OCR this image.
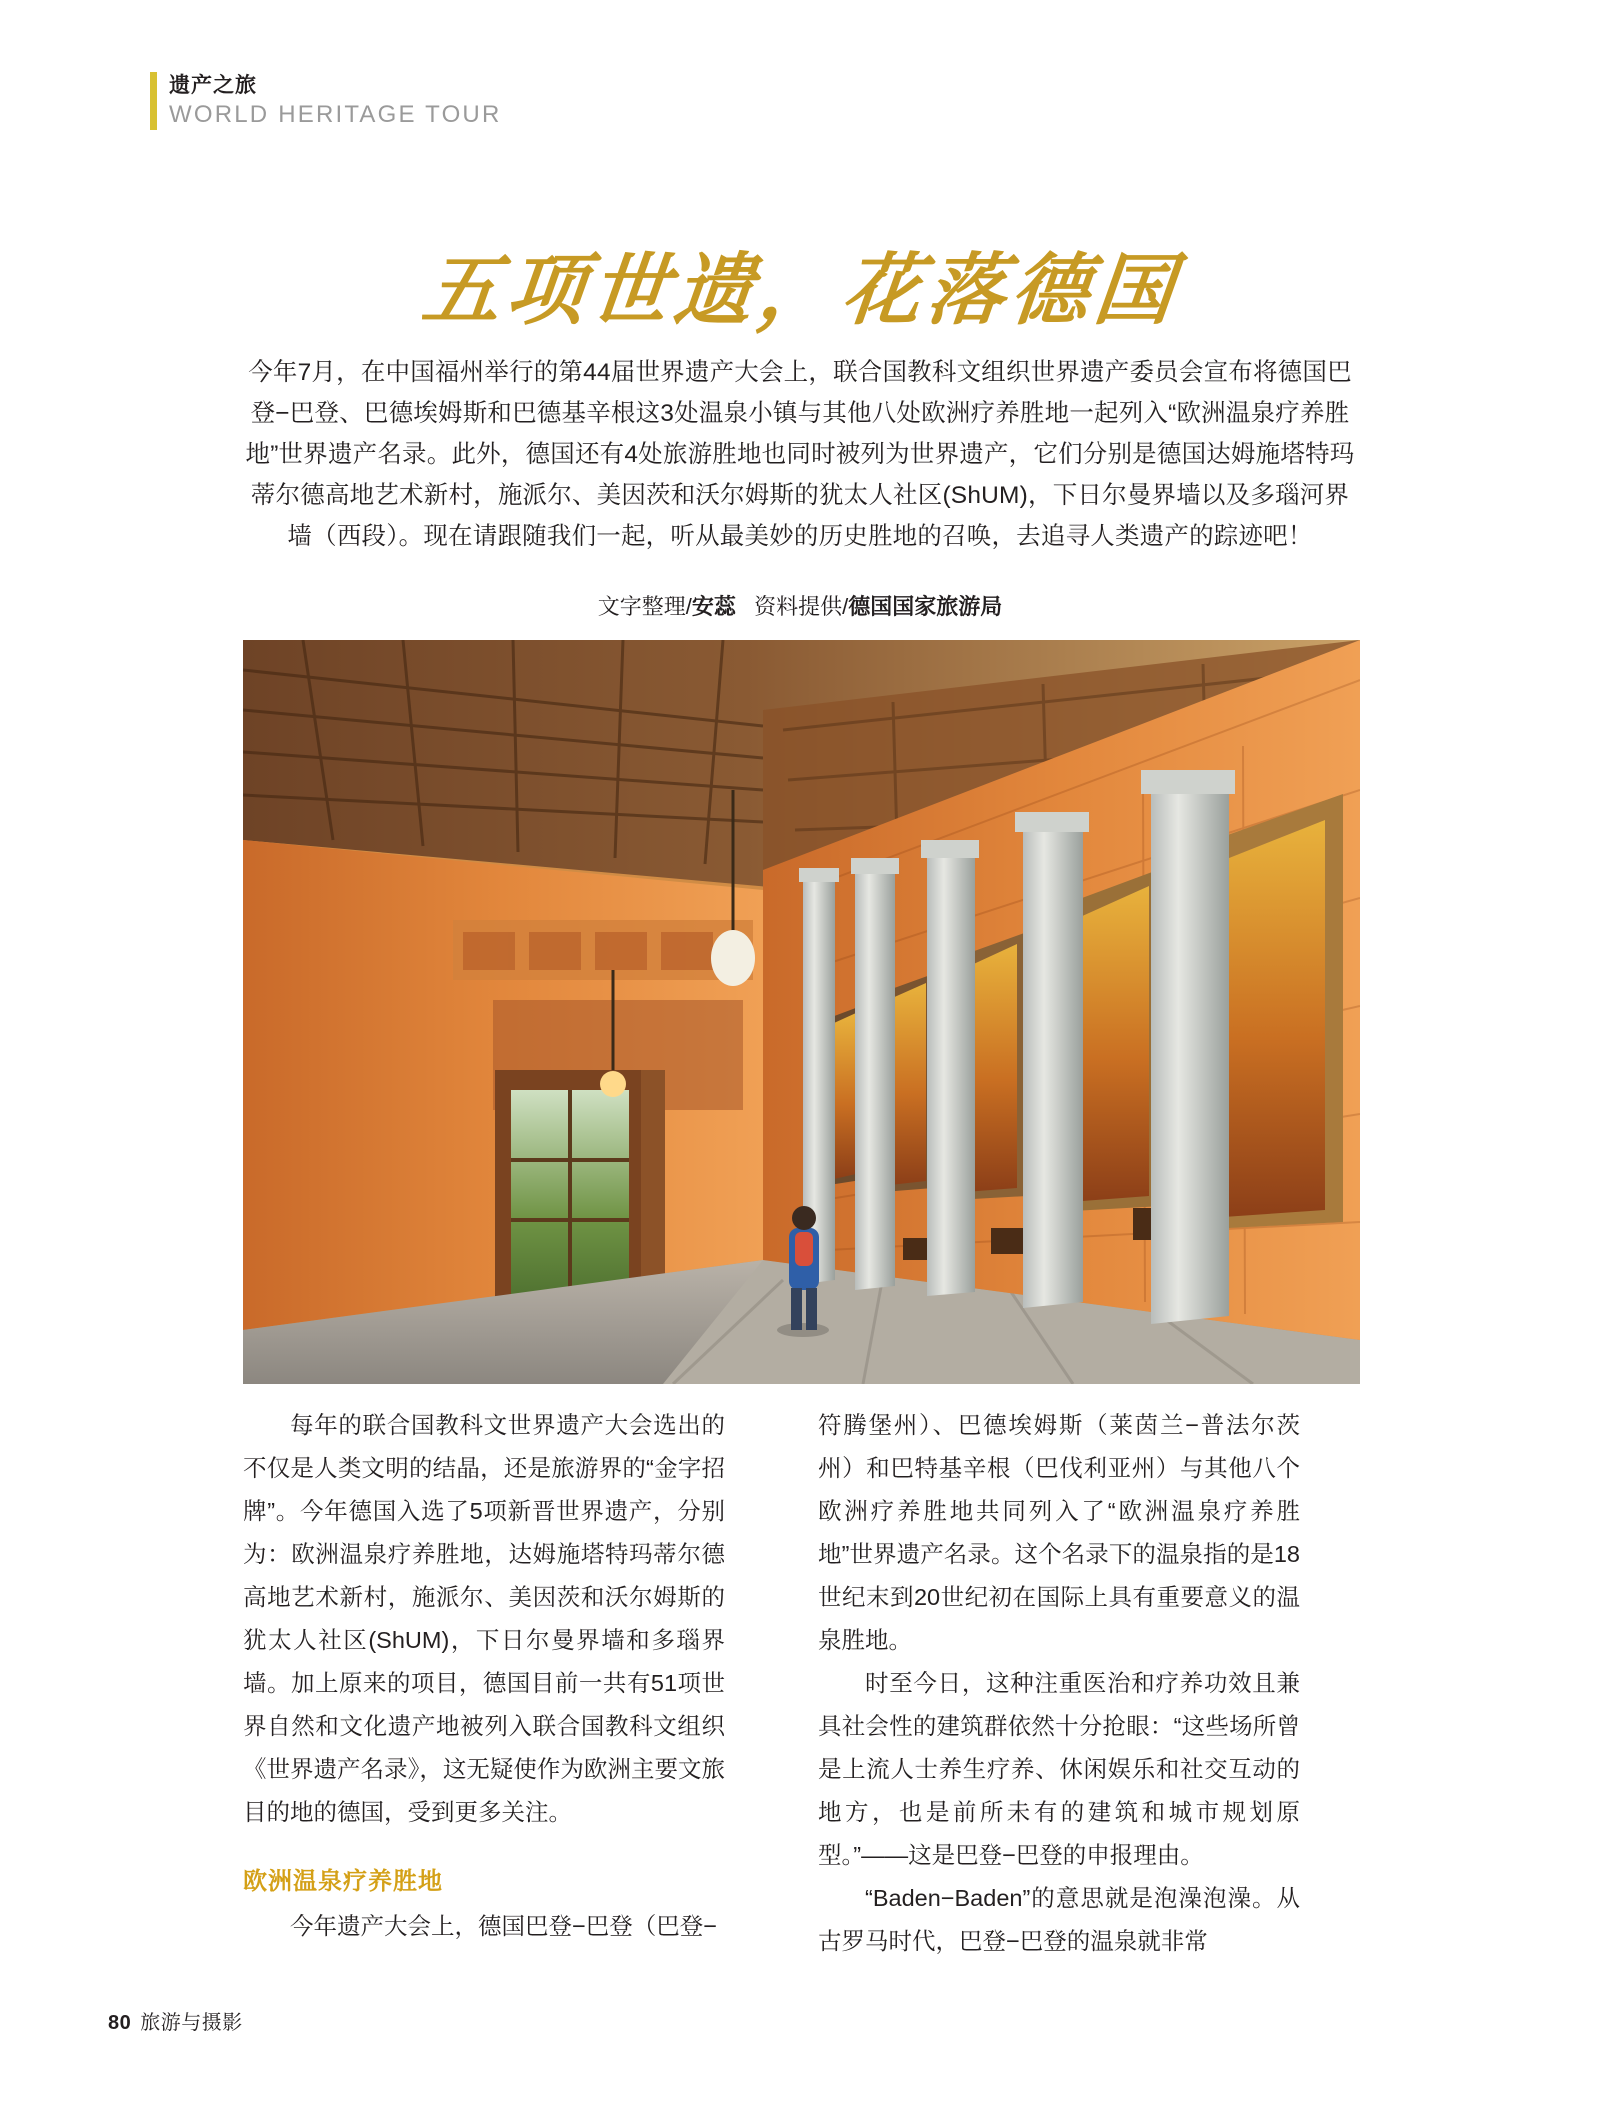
遗产之旅
WORLD HERITAGE TOUR
五项世遗，花落德国

今年7月，在中国福州举行的第44届世界遗产大会上，联合国教科文组织世界遗产委员会宣布将德国巴登−巴登、巴德埃姆斯和巴德基辛根这3处温泉小镇与其他八处欧洲疗养胜地一起列入“欧洲温泉疗养胜地”世界遗产名录。此外，德国还有4处旅游胜地也同时被列为世界遗产，它们分别是德国达姆施塔特玛蒂尔德高地艺术新村，施派尔、美因茨和沃尔姆斯的犹太人社区(ShUM)，下日尔曼界墙以及多瑙河界墙（西段）。现在请跟随我们一起，听从最美妙的历史胜地的召唤，去追寻人类遗产的踪迹吧！

文字整理/安蕊 资料提供/德国国家旅游局

每年的联合国教科文世界遗产大会选出的不仅是人类文明的结晶，还是旅游界的“金字招牌”。今年德国入选了5项新晋世界遗产，分别为：欧洲温泉疗养胜地，达姆施塔特玛蒂尔德高地艺术新村，施派尔、美因茨和沃尔姆斯的犹太人社区(ShUM)，下日尔曼界墙和多瑙界墙。加上原来的项目，德国目前一共有51项世界自然和文化遗产地被列入联合国教科文组织《世界遗产名录》，这无疑使作为欧洲主要文旅目的地的德国，受到更多关注。

欧洲温泉疗养胜地

今年遗产大会上，德国巴登−巴登（巴登−

符腾堡州）、巴德埃姆斯（莱茵兰−普法尔茨州）和巴特基辛根（巴伐利亚州）与其他八个欧洲疗养胜地共同列入了“欧洲温泉疗养胜地”世界遗产名录。这个名录下的温泉指的是18世纪末到20世纪初在国际上具有重要意义的温泉胜地。

时至今日，这种注重医治和疗养功效且兼具社会性的建筑群依然十分抢眼：“这些场所曾是上流人士养生疗养、休闲娱乐和社交互动的地方，也是前所未有的建筑和城市规划原型。”——这是巴登−巴登的申报理由。

“Baden−Baden”的意思就是泡澡泡澡。从古罗马时代，巴登−巴登的温泉就非常

80 旅游与摄影
